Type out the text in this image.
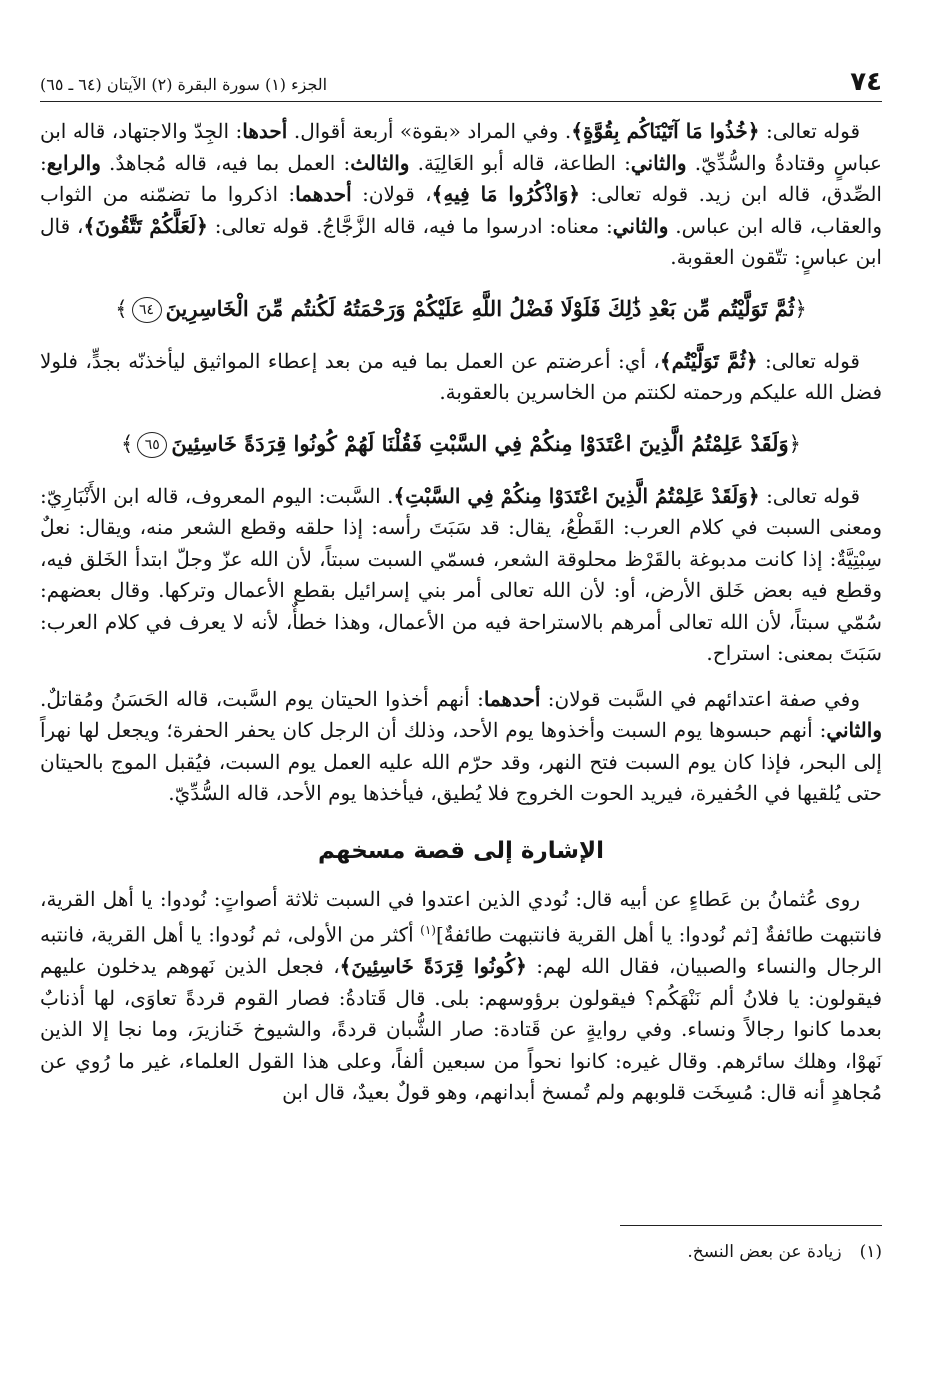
٧٤
الجزء (١) سورة البقرة (٢) الآيتان (٦٤ ـ ٦٥)

قوله تعالى: ﴿خُذُوا مَا آتَيْنَاكُم بِقُوَّةٍ﴾. وفي المراد «بقوة» أربعة أقوال. أحدها: الجِدّ والاجتهاد، قاله ابن عباسٍ وقتادةُ والسُّدِّيّ. والثاني: الطاعة، قاله أبو العَالِيَة. والثالث: العمل بما فيه، قاله مُجاهدٌ. والرابع: الصِّدق، قاله ابن زيد. قوله تعالى: ﴿وَاذْكُرُوا مَا فِيهِ﴾، قولان: أحدهما: اذكروا ما تضمّنه من الثواب والعقاب، قاله ابن عباس. والثاني: معناه: ادرسوا ما فيه، قاله الزَّجَّاجُ. قوله تعالى: ﴿لَعَلَّكُمْ تَتَّقُونَ﴾، قال ابن عباسٍ: تتّقون العقوبة.

﴿ثُمَّ تَوَلَّيْتُم مِّن بَعْدِ ذَٰلِكَ فَلَوْلَا فَضْلُ اللَّهِ عَلَيْكُمْ وَرَحْمَتُهُ لَكُنتُم مِّنَ الْخَاسِرِينَ٦٤﴾

قوله تعالى: ﴿ثُمَّ تَوَلَّيْتُم﴾، أي: أعرضتم عن العمل بما فيه من بعد إعطاء المواثيق ليأخذنّه بجدٍّ، فلولا فضل الله عليكم ورحمته لكنتم من الخاسرين بالعقوبة.

﴿وَلَقَدْ عَلِمْتُمُ الَّذِينَ اعْتَدَوْا مِنكُمْ فِي السَّبْتِ فَقُلْنَا لَهُمْ كُونُوا قِرَدَةً خَاسِئِينَ٦٥﴾

قوله تعالى: ﴿وَلَقَدْ عَلِمْتُمُ الَّذِينَ اعْتَدَوْا مِنكُمْ فِي السَّبْتِ﴾. السَّبت: اليوم المعروف، قاله ابن الأَنْبَارِيّ: ومعنى السبت في كلام العرب: القَطْعُ، يقال: قد سَبَتَ رأسه: إذا حلقه وقطع الشعر منه، ويقال: نعلٌ سِبْتِيَّةٌ: إذا كانت مدبوغة بالقَرْظ محلوقة الشعر، فسمّي السبت سبتاً، لأن الله عزّ وجلّ ابتدأ الخَلق فيه، وقطع فيه بعض خَلق الأرض، أو: لأن الله تعالى أمر بني إسرائيل بقطع الأعمال وتركها. وقال بعضهم: سُمّي سبتاً، لأن الله تعالى أمرهم بالاستراحة فيه من الأعمال، وهذا خطأٌ، لأنه لا يعرف في كلام العرب: سَبَتَ بمعنى: استراح.

وفي صفة اعتدائهم في السَّبت قولان: أحدهما: أنهم أخذوا الحيتان يوم السَّبت، قاله الحَسَنُ ومُقاتلٌ. والثاني: أنهم حبسوها يوم السبت وأخذوها يوم الأحد، وذلك أن الرجل كان يحفر الحفرة؛ ويجعل لها نهراً إلى البحر، فإذا كان يوم السبت فتح النهر، وقد حرّم الله عليه العمل يوم السبت، فيُقبل الموج بالحيتان حتى يُلقيها في الحُفيرة، فيريد الحوت الخروج فلا يُطيق، فيأخذها يوم الأحد، قاله السُّدِّيّ.

الإشارة إلى قصة مسخهم

روى عُثمانُ بن عَطاءٍ عن أبيه قال: نُودي الذين اعتدوا في السبت ثلاثة أصواتٍ: نُودوا: يا أهل القرية، فانتبهت طائفةٌ [ثم نُودوا: يا أهل القرية فانتبهت طائفةٌ]$^{(١)}$ أكثر من الأولى، ثم نُودوا: يا أهل القرية، فانتبه الرجال والنساء والصبيان، فقال الله لهم: ﴿كُونُوا قِرَدَةً خَاسِئِينَ﴾، فجعل الذين نَهوهم يدخلون عليهم فيقولون: يا فلانُ ألم نَنْهَكُم؟ فيقولون برؤوسهم: بلى. قال قَتادةُ: فصار القوم قردةً تعاوَى، لها أذنابٌ بعدما كانوا رجالاً ونساء. وفي روايةٍ عن قَتادة: صار الشُّبان قردةً، والشيوخ خَنازيرَ، وما نجا إلا الذين نَهوْا، وهلك سائرهم. وقال غيره: كانوا نحواً من سبعين ألفاً، وعلى هذا القول العلماء، غير ما رُوي عن مُجاهدٍ أنه قال: مُسِخَت قلوبهم ولم تُمسخ أبدانهم، وهو قولٌ بعيدٌ، قال ابن

(١)زيادة عن بعض النسخ.
